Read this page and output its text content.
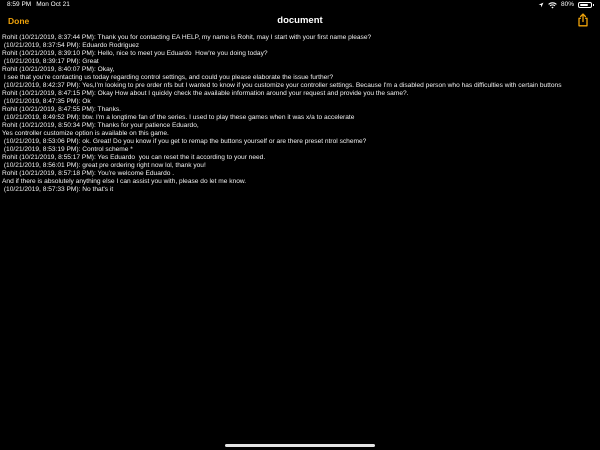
8:59 PM Mon Oct 21	80%
Done	document
Rohit (10/21/2019, 8:37:44 PM): Thank you for contacting EA HELP, my name is Rohit, may I start with your first name please?
(10/21/2019, 8:37:54 PM): Eduardo Rodriguez
Rohit (10/21/2019, 8:39:10 PM): Hello, nice to meet you Eduardo  How're you doing today?
(10/21/2019, 8:39:17 PM): Great
Rohit (10/21/2019, 8:40:07 PM): Okay,
I see that you're contacting us today regarding control settings, and could you please elaborate the issue further?
(10/21/2019, 8:42:37 PM): Yes,I'm looking to pre order nfs but I wanted to know if you customize your controller settings. Because I'm a disabled person who has difficulties with certain buttons
Rohit (10/21/2019, 8:47:15 PM): Okay How about I quickly check the available information around your request and provide you the same?.
(10/21/2019, 8:47:35 PM): Ok
Rohit (10/21/2019, 8:47:55 PM): Thanks.
(10/21/2019, 8:49:52 PM): btw. I'm a longtime fan of the series. I used to play these games when it was x/a to accelerate
Rohit (10/21/2019, 8:50:34 PM): Thanks for your patience Eduardo,
Yes controller customize option is available on this game.
(10/21/2019, 8:53:06 PM): ok. Great! Do you know if you get to remap the buttons yourself or are there preset ntrol scheme?
(10/21/2019, 8:53:19 PM): Control scheme *
Rohit (10/21/2019, 8:55:17 PM): Yes Eduardo  you can reset the it according to your need.
(10/21/2019, 8:56:01 PM): great pre ordering right now lol, thank you!
Rohit (10/21/2019, 8:57:18 PM): You're welcome Eduardo .
And if there is absolutely anything else I can assist you with, please do let me know.
(10/21/2019, 8:57:33 PM): No that's it
